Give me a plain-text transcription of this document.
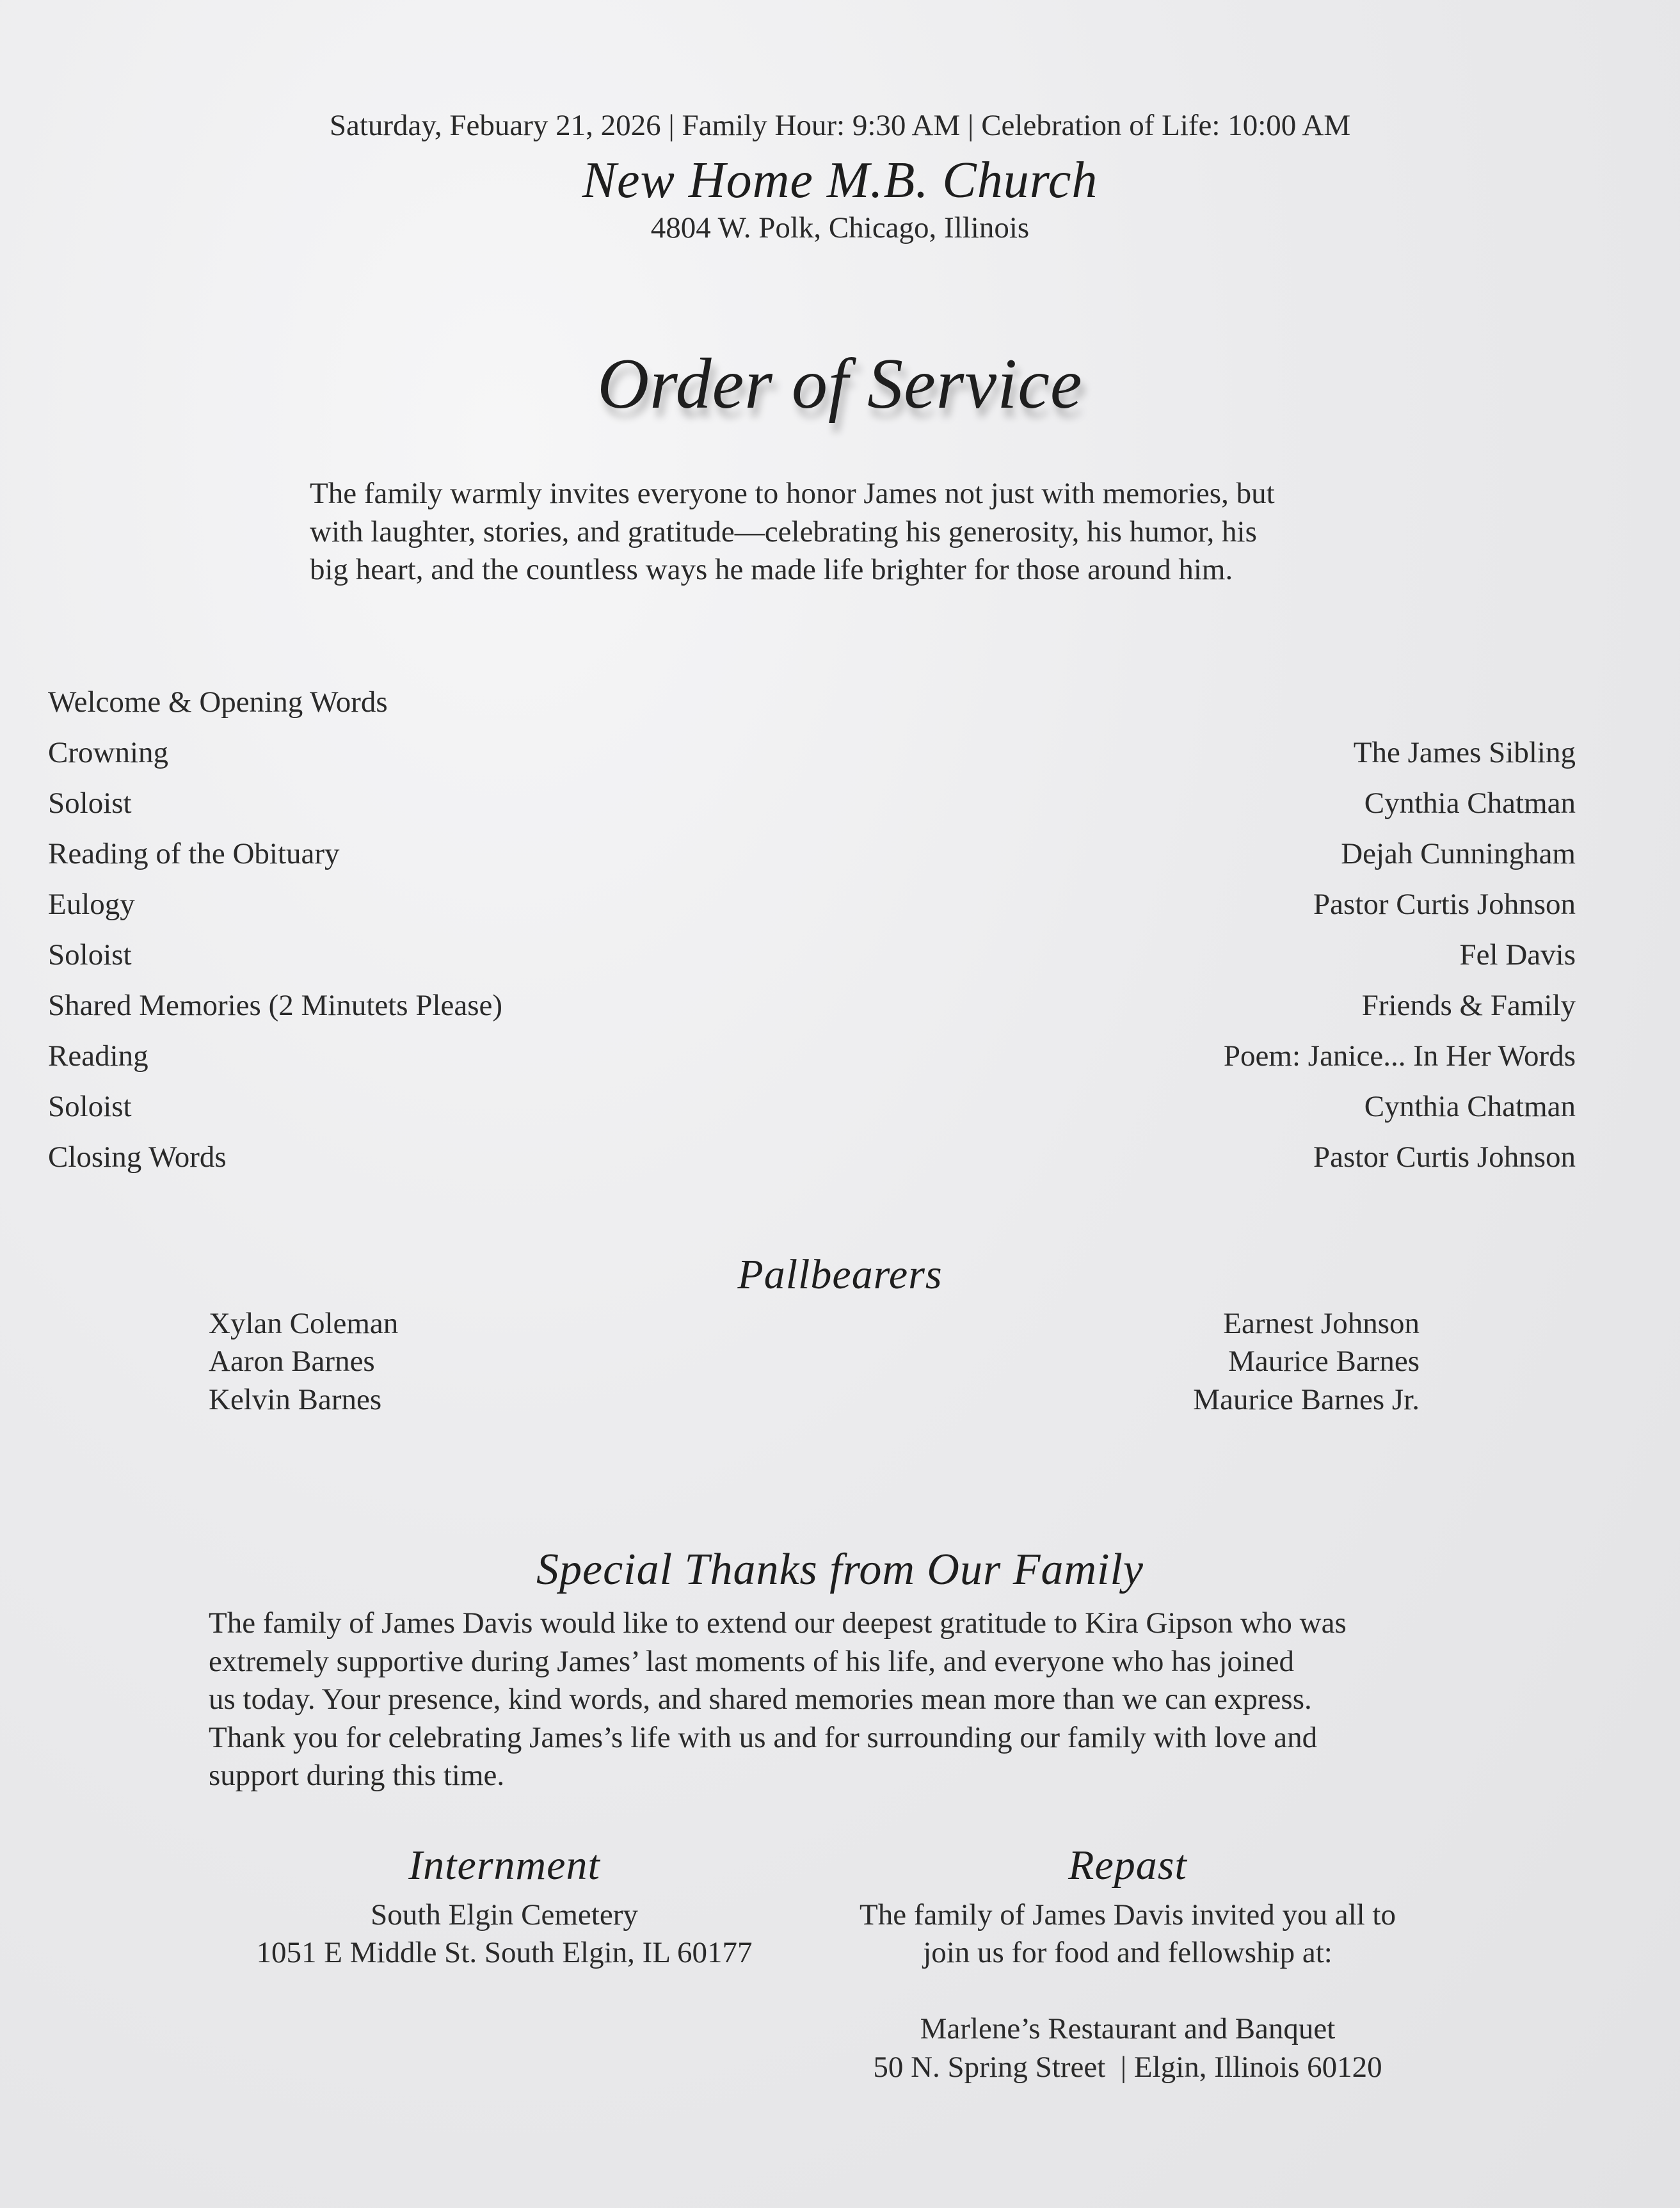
Saturday, Febuary 21, 2026 | Family Hour: 9:30 AM | Celebration of Life: 10:00 AM
New Home M.B. Church
4804 W. Polk, Chicago, Illinois
Order of Service
The family warmly invites everyone to honor James not just with memories, but
with laughter, stories, and gratitude—celebrating his generosity, his humor, his
big heart, and the countless ways he made life brighter for those around him.
Welcome & Opening Words
Crowning	The James Sibling
Soloist	Cynthia Chatman
Reading of the Obituary	Dejah Cunningham
Eulogy	Pastor Curtis Johnson
Soloist	Fel Davis
Shared Memories (2 Minutets Please)	Friends & Family
Reading	Poem: Janice... In Her Words
Soloist	Cynthia Chatman
Closing Words	Pastor Curtis Johnson
Pallbearers
Xylan Coleman
Aaron Barnes
Kelvin Barnes
Earnest Johnson
Maurice Barnes
Maurice Barnes Jr.
Special Thanks from Our Family
The family of James Davis would like to extend our deepest gratitude to Kira Gipson who was
extremely supportive during James’ last moments of his life, and everyone who has joined
us today. Your presence, kind words, and shared memories mean more than we can express.
Thank you for celebrating James’s life with us and for surrounding our family with love and
support during this time.
Internment
South Elgin Cemetery
1051 E Middle St. South Elgin, IL 60177
Repast
The family of James Davis invited you all to
join us for food and fellowship at:
Marlene’s Restaurant and Banquet
50 N. Spring Street  | Elgin, Illinois 60120
